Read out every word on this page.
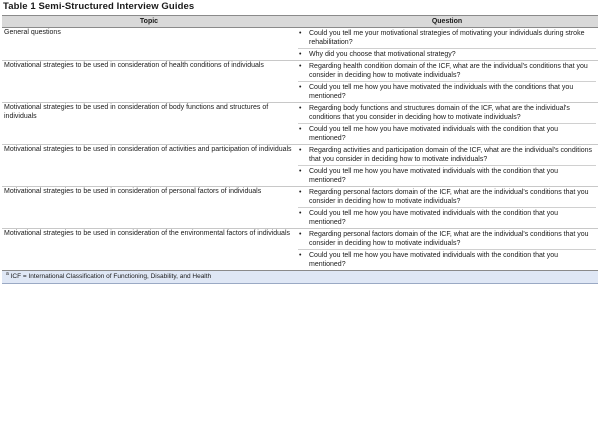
Table 1 Semi-Structured Interview Guides
Topic	Question
General questions	• Could you tell me your motivational strategies of motivating your individuals during stroke rehabilitation?
• Why did you choose that motivational strategy?

Motivational strategies to be used in consideration of health conditions of individuals	• Regarding health condition domain of the ICF, what are the individual's conditions that you consider in deciding how to motivate individuals?
• Could you tell me how you have motivated the individuals with the conditions that you mentioned?

Motivational strategies to be used in consideration of body functions and structures of individuals	• Regarding body functions and structures domain of the ICF, what are the individual's conditions that you consider in deciding how to motivate individuals?
• Could you tell me how you have motivated individuals with the condition that you mentioned?

Motivational strategies to be used in consideration of activities and participation of individuals	• Regarding activities and participation domain of the ICF, what are the individual's conditions that you consider in deciding how to motivate individuals?
• Could you tell me how you have motivated individuals with the condition that you mentioned?

Motivational strategies to be used in consideration of personal factors of individuals	• Regarding personal factors domain of the ICF, what are the individual's conditions that you consider in deciding how to motivate individuals?
• Could you tell me how you have motivated individuals with the condition that you mentioned?

Motivational strategies to be used in consideration of the environmental factors of individuals	• Regarding personal factors domain of the ICF, what are the individual's conditions that you consider in deciding how to motivate individuals?
• Could you tell me how you have motivated individuals with the condition that you mentioned?

$^a$ ICF = International Classification of Functioning, Disability, and Health	
